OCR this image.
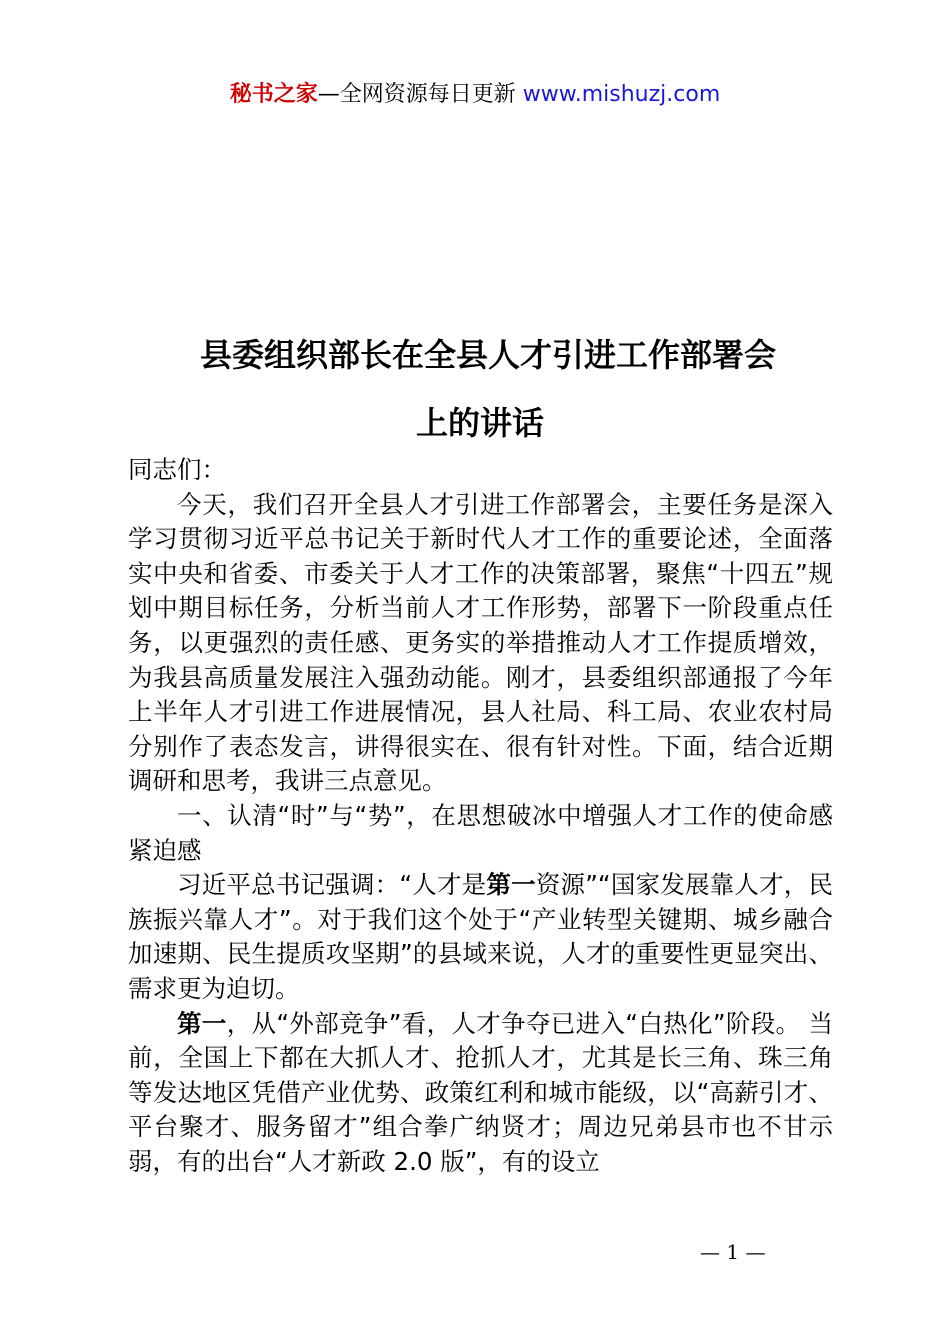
秘书之家—全网资源每日更新 www.mishuzj.com
县委组织部长在全县人才引进工作部署会
上的讲话

同志们：

今天，我们召开全县人才引进工作部署会，主要任务是深入学习贯彻习近平总书记关于新时代人才工作的重要论述，全面落实中央和省委、市委关于人才工作的决策部署，聚焦“十四五”规划中期目标任务，分析当前人才工作形势，部署下一阶段重点任务，以更强烈的责任感、更务实的举措推动人才工作提质增效，为我县高质量发展注入强劲动能。刚才，县委组织部通报了今年上半年人才引进工作进展情况，县人社局、科工局、农业农村局分别作了表态发言，讲得很实在、很有针对性。下面，结合近期调研和思考，我讲三点意见。

一、认清“时”与“势”，在思想破冰中增强人才工作的使命感紧迫感

习近平总书记强调：“人才是第一资源”“国家发展靠人才，民族振兴靠人才”。对于我们这个处于“产业转型关键期、城乡融合加速期、民生提质攻坚期”的县域来说，人才的重要性更显突出、需求更为迫切。

第一，从“外部竞争”看，人才争夺已进入“白热化”阶段。 当前，全国上下都在大抓人才、抢抓人才，尤其是长三角、珠三角等发达地区凭借产业优势、政策红利和城市能级，以“高薪引才、平台聚才、服务留才”组合拳广纳贤才；周边兄弟县市也不甘示弱，有的出台“人才新政 2.0 版”，有的设立

— 1 —
